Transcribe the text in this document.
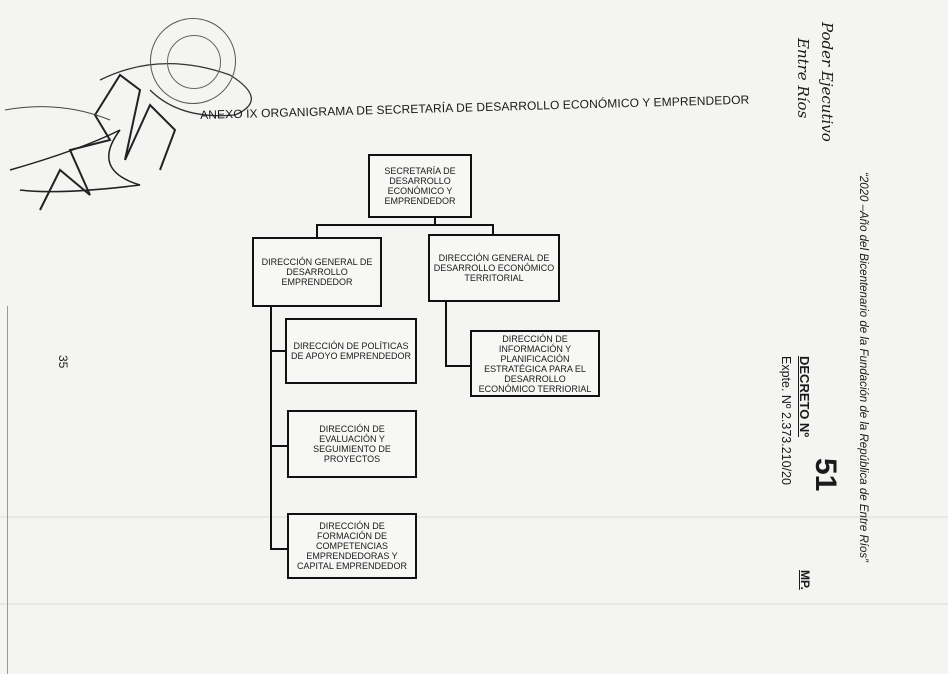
ANEXO IX ORGANIGRAMA DE SECRETARÍA DE DESARROLLO ECONÓMICO Y EMPRENDEDOR
SECRETARÍA DE DESARROLLO ECONÓMICO Y EMPRENDEDOR
DIRECCIÓN GENERAL DE DESARROLLO EMPRENDEDOR
DIRECCIÓN GENERAL DE DESARROLLO ECONÓMICO TERRITORIAL
DIRECCIÓN DE POLÍTICAS DE APOYO EMPRENDEDOR
DIRECCIÓN DE EVALUACIÓN Y SEGUIMIENTO DE PROYECTOS
DIRECCIÓN DE FORMACIÓN DE COMPETENCIAS EMPRENDEDORAS Y CAPITAL EMPRENDEDOR
DIRECCIÓN DE INFORMACIÓN Y PLANIFICACIÓN ESTRATÉGICA PARA EL DESARROLLO ECONÓMICO TERRIORIAL
35
Poder Ejecutivo
Entre Ríos
“2020 –Año del Bicentenario de la Fundación de la República de Entre Ríos”
DECRETO Nº
51
MP.
Expte. Nº 2.373.210/20
